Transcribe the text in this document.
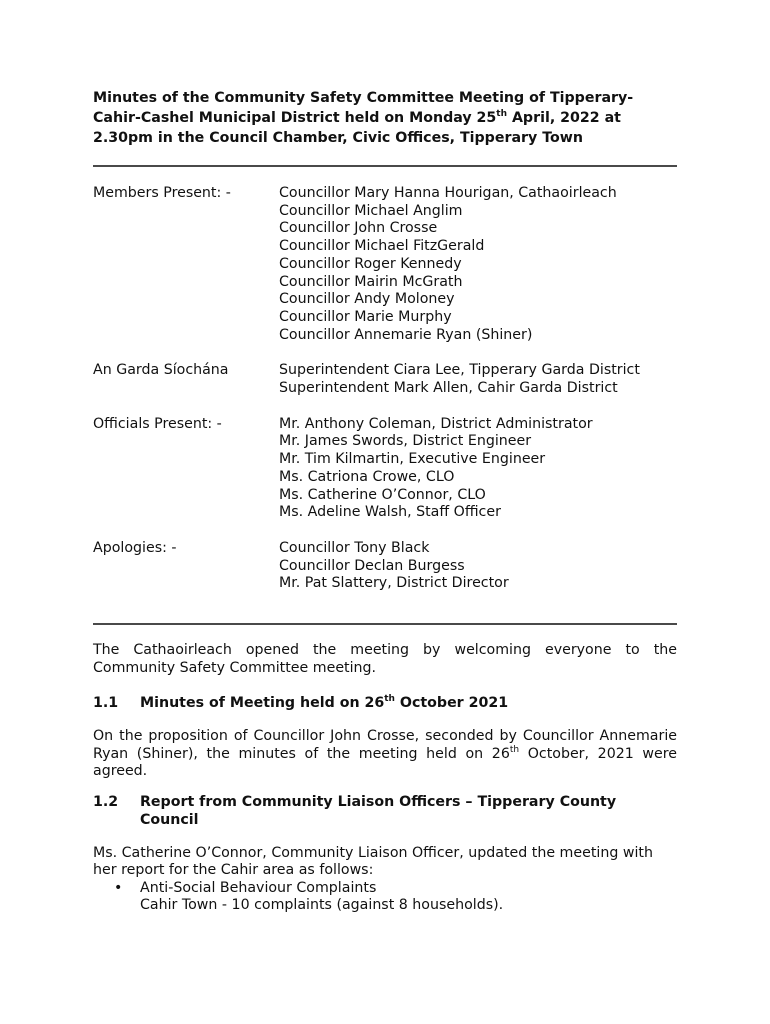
Minutes of the Community Safety Committee Meeting of Tipperary-Cahir-Cashel Municipal District held on Monday 25th April, 2022 at 2.30pm in the Council Chamber, Civic Offices, Tipperary Town

Members Present: -	Councillor Mary Hanna Hourigan, Cathaoirleach
Councillor Michael Anglim
Councillor John Crosse
Councillor Michael FitzGerald
Councillor Roger Kennedy
Councillor Mairin McGrath
Councillor Andy Moloney
Councillor Marie Murphy
Councillor Annemarie Ryan (Shiner)
An Garda Síochána	Superintendent Ciara Lee, Tipperary Garda District
Superintendent Mark Allen, Cahir Garda District
Officials Present: -	Mr. Anthony Coleman, District Administrator
Mr. James Swords, District Engineer
Mr. Tim Kilmartin, Executive Engineer
Ms. Catriona Crowe, CLO
Ms. Catherine O’Connor, CLO
Ms. Adeline Walsh, Staff Officer
Apologies: -	Councillor Tony Black
Councillor Declan Burgess
Mr. Pat Slattery, District Director

The Cathaoirleach opened the meeting by welcoming everyone to the Community Safety Committee meeting.

1.1	Minutes of Meeting held on 26th October 2021

On the proposition of Councillor John Crosse, seconded by Councillor Annemarie Ryan (Shiner), the minutes of the meeting held on 26th October, 2021 were agreed.

1.2	Report from Community Liaison Officers – Tipperary County Council

Ms. Catherine O’Connor, Community Liaison Officer, updated the meeting with her report for the Cahir area as follows:

• Anti-Social Behaviour Complaints
Cahir Town - 10 complaints (against 8 households).
